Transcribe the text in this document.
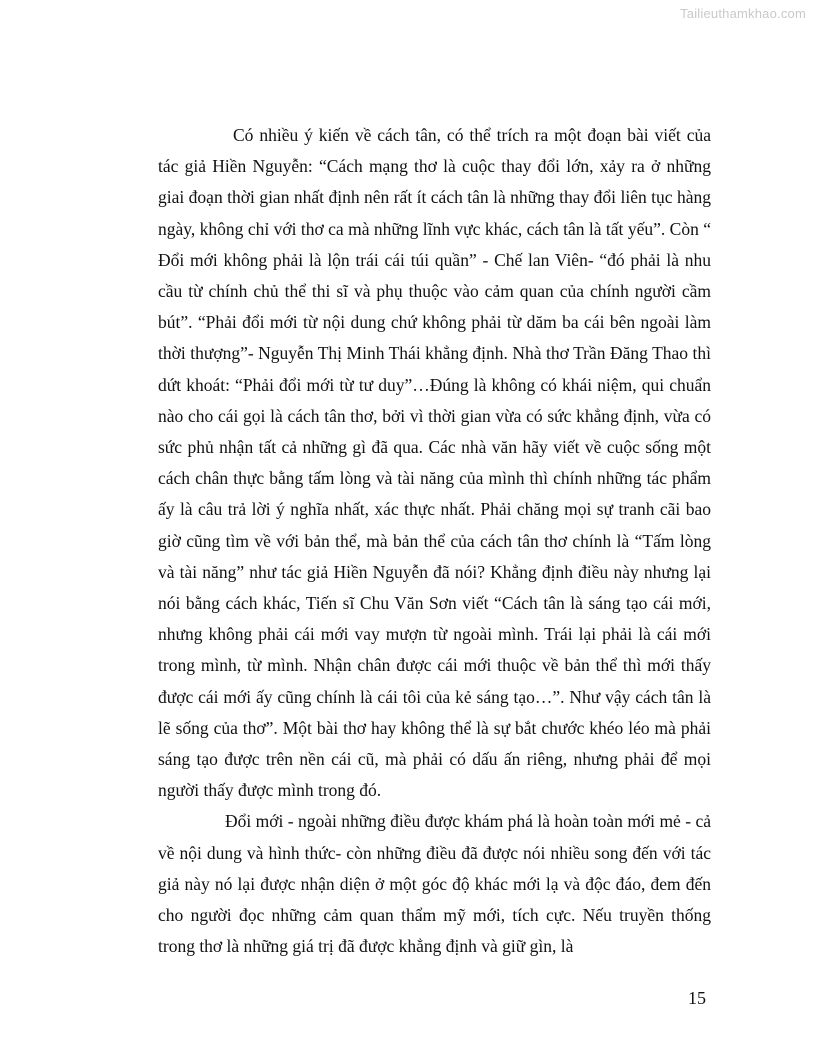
Tailieuthamkhao.com

Có nhiều ý kiến về cách tân, có thể trích ra một đoạn bài viết của tác giả Hiền Nguyễn: “Cách mạng thơ là cuộc thay đổi lớn, xảy ra ở những giai đoạn thời gian nhất định nên rất ít cách tân là những thay đổi liên tục hàng ngày, không chỉ với thơ ca mà những lĩnh vực khác, cách tân là tất yếu”. Còn “ Đổi mới không phải là lộn trái cái túi quần” - Chế lan Viên- “đó phải là nhu cầu từ chính chủ thể thi sĩ và phụ thuộc vào cảm quan của chính người cầm bút”. “Phải đổi mới từ nội dung chứ không phải từ dăm ba cái bên ngoài làm thời thượng”- Nguyễn Thị Minh Thái khẳng định. Nhà thơ Trần Đăng Thao thì dứt khoát: “Phải đổi mới từ tư duy”…Đúng là không có khái niệm, qui chuẩn nào cho cái gọi là cách tân thơ, bởi vì thời gian vừa có sức khẳng định, vừa có sức phủ nhận tất cả những gì đã qua. Các nhà văn hãy viết về cuộc sống một cách chân thực bằng tấm lòng và tài năng của mình thì chính những tác phẩm ấy là câu trả lời ý nghĩa nhất, xác thực nhất. Phải chăng mọi sự tranh cãi bao giờ cũng tìm về với bản thể, mà bản thể của cách tân thơ chính là “Tấm lòng và tài năng” như tác giả Hiền Nguyễn đã nói? Khẳng định điều này nhưng lại nói bằng cách khác, Tiến sĩ Chu Văn Sơn viết “Cách tân là sáng tạo cái mới, nhưng không phải cái mới vay mượn từ ngoài mình. Trái lại phải là cái mới trong mình, từ mình. Nhận chân được cái mới thuộc về bản thể thì mới thấy được cái mới ấy cũng chính là cái tôi của kẻ sáng tạo…”. Như vậy cách tân là lẽ sống của thơ”. Một bài thơ hay không thể là sự bắt chước khéo léo mà phải sáng tạo được trên nền cái cũ, mà phải có dấu ấn riêng, nhưng phải để mọi người thấy được mình trong đó.

Đổi mới - ngoài những điều được khám phá là hoàn toàn mới mẻ - cả về nội dung và hình thức- còn những điều đã được nói nhiều song đến với tác giả này nó lại được nhận diện ở một góc độ khác mới lạ và độc đáo, đem đến cho người đọc những cảm quan thẩm mỹ mới, tích cực. Nếu truyền thống trong thơ là những giá trị đã được khẳng định và giữ gìn, là

15
